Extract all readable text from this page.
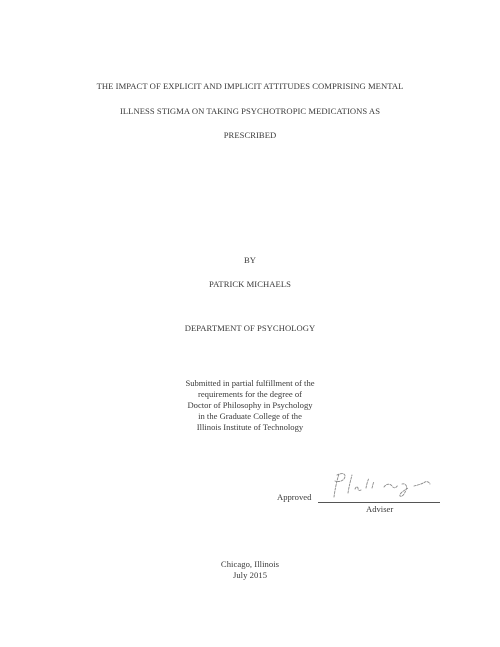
THE IMPACT OF EXPLICIT AND IMPLICIT ATTITUDES COMPRISING MENTAL
ILLNESS STIGMA ON TAKING PSYCHOTROPIC MEDICATIONS AS
PRESCRIBED
BY
PATRICK MICHAELS
DEPARTMENT OF PSYCHOLOGY
Submitted in partial fulfillment of the
requirements for the degree of
Doctor of Philosophy in Psychology
in the Graduate College of the
Illinois Institute of Technology
Approved
Adviser
Chicago, Illinois
July 2015
